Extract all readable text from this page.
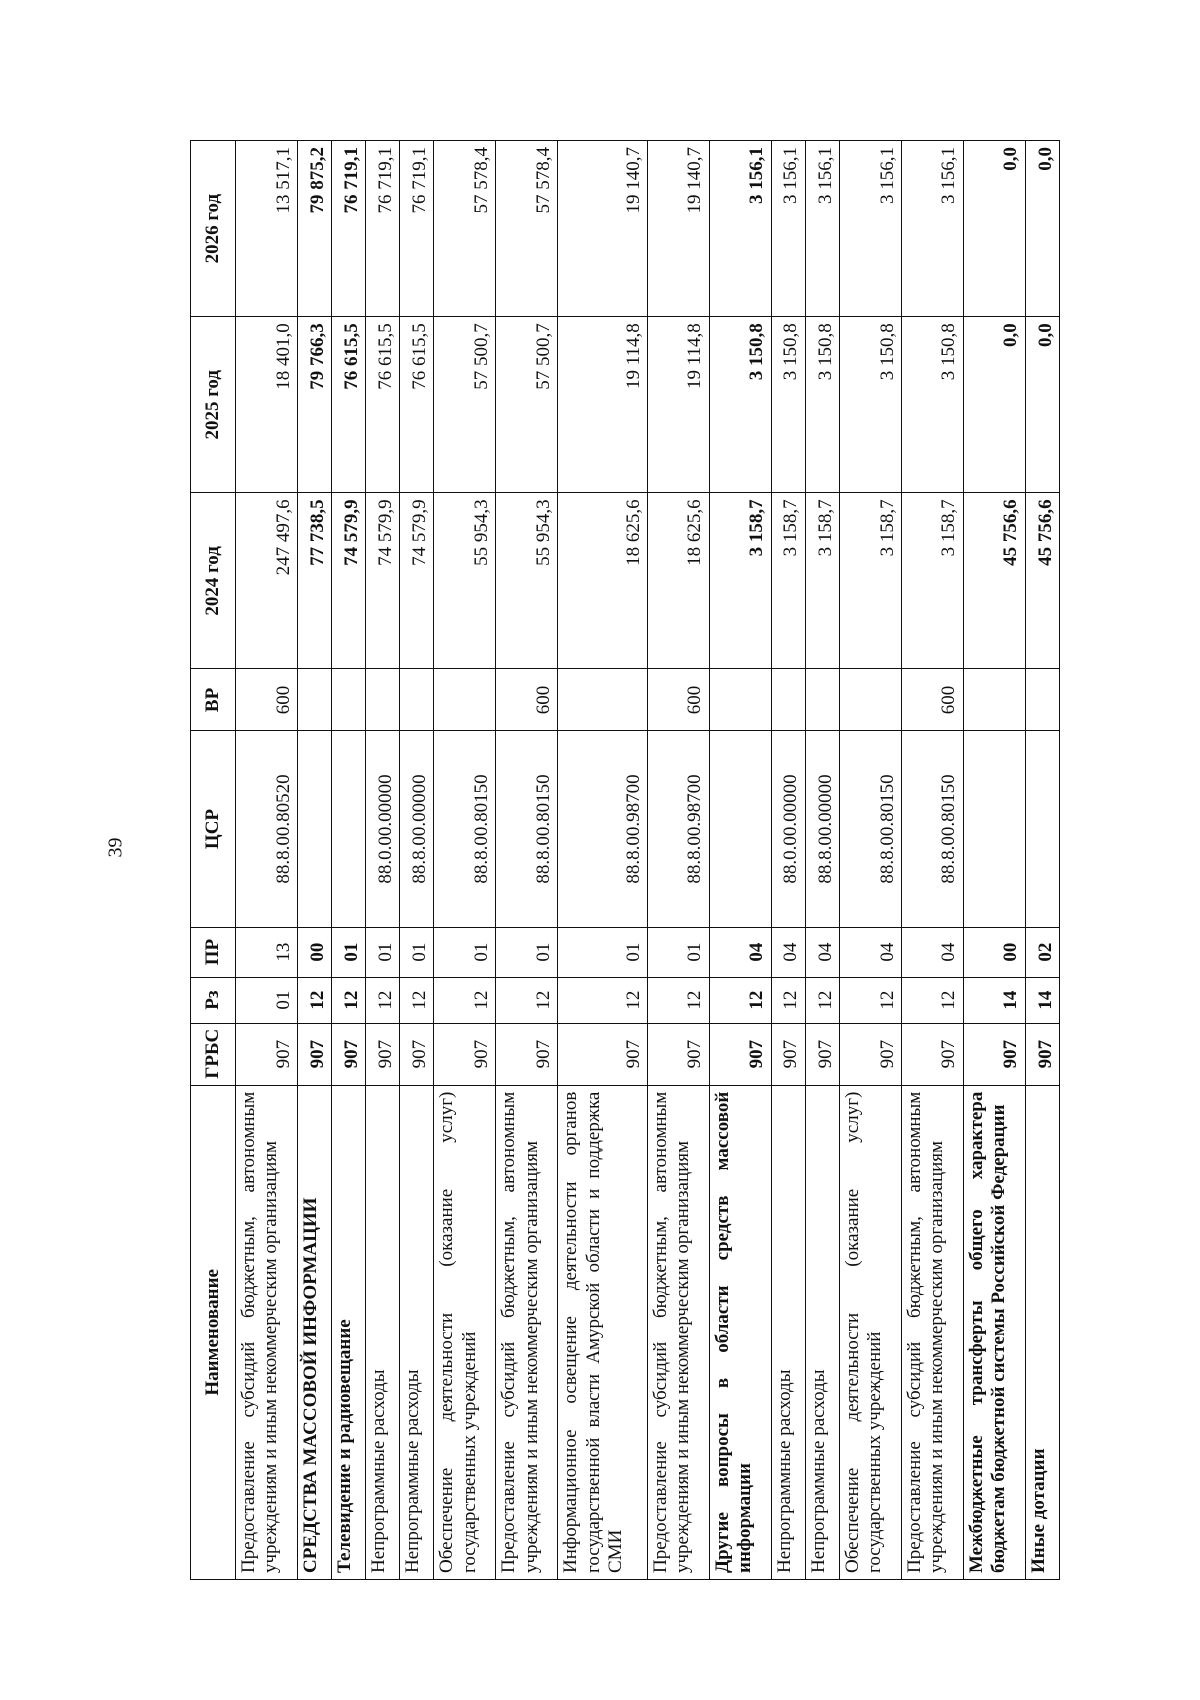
39
Наименование	ГРБС	Рз	ПР	ЦСР	ВР	2024 год	2025 год	2026 год
Предоставление субсидий бюджетным, автономным учреждениям и иным некоммерческим организациям	907	01	13	88.8.00.80520	600	247 497,6	18 401,0	13 517,1
СРЕДСТВА МАССОВОЙ ИНФОРМАЦИИ	907	12	00			77 738,5	79 766,3	79 875,2
Телевидение и радиовещание	907	12	01			74 579,9	76 615,5	76 719,1
Непрограммные расходы	907	12	01	88.0.00.00000		74 579,9	76 615,5	76 719,1
Непрограммные расходы	907	12	01	88.8.00.00000		74 579,9	76 615,5	76 719,1
Обеспечение деятельности (оказание услуг) государственных учреждений	907	12	01	88.8.00.80150		55 954,3	57 500,7	57 578,4
Предоставление субсидий бюджетным, автономным учреждениям и иным некоммерческим организациям	907	12	01	88.8.00.80150	600	55 954,3	57 500,7	57 578,4
Информационное освещение деятельности органов государственной власти Амурской области и поддержка СМИ	907	12	01	88.8.00.98700		18 625,6	19 114,8	19 140,7
Предоставление субсидий бюджетным, автономным учреждениям и иным некоммерческим организациям	907	12	01	88.8.00.98700	600	18 625,6	19 114,8	19 140,7
Другие вопросы в области средств массовой информации	907	12	04			3 158,7	3 150,8	3 156,1
Непрограммные расходы	907	12	04	88.0.00.00000		3 158,7	3 150,8	3 156,1
Непрограммные расходы	907	12	04	88.8.00.00000		3 158,7	3 150,8	3 156,1
Обеспечение деятельности (оказание услуг) государственных учреждений	907	12	04	88.8.00.80150		3 158,7	3 150,8	3 156,1
Предоставление субсидий бюджетным, автономным учреждениям и иным некоммерческим организациям	907	12	04	88.8.00.80150	600	3 158,7	3 150,8	3 156,1
Межбюджетные трансферты общего характера бюджетам бюджетной системы Российской Федерации	907	14	00			45 756,6	0,0	0,0
Иные дотации	907	14	02			45 756,6	0,0	0,0
